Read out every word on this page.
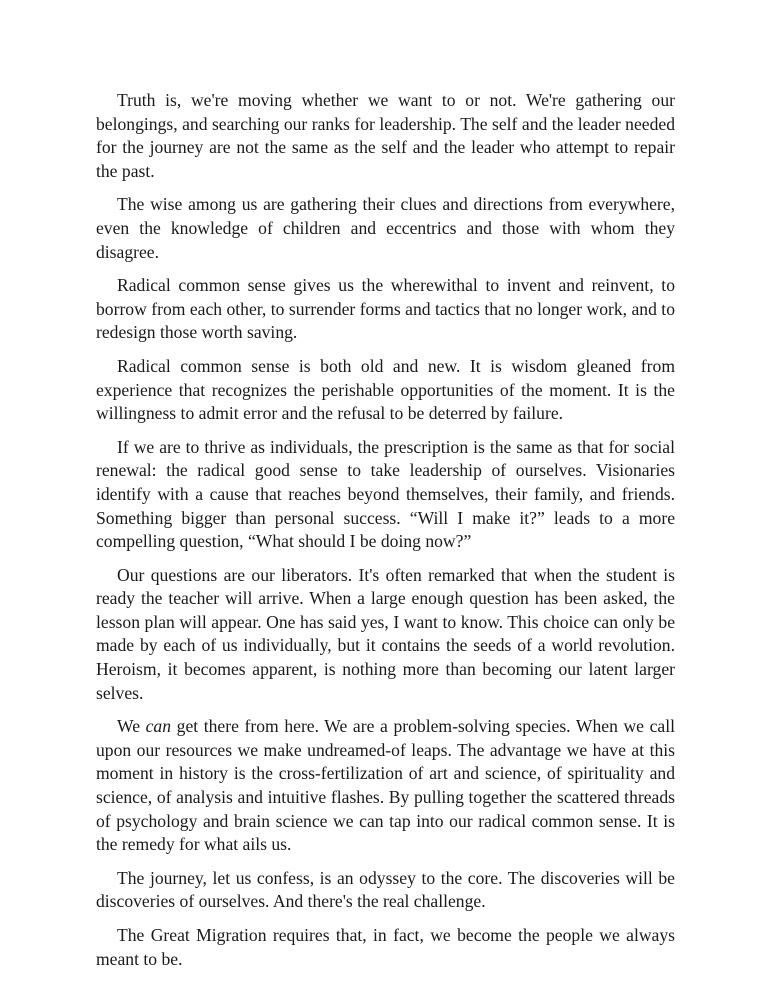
Truth is, we're moving whether we want to or not. We're gathering our belongings, and searching our ranks for leadership. The self and the leader needed for the journey are not the same as the self and the leader who attempt to repair the past.

The wise among us are gathering their clues and directions from everywhere, even the knowledge of children and eccentrics and those with whom they disagree.

Radical common sense gives us the wherewithal to invent and reinvent, to borrow from each other, to surrender forms and tactics that no longer work, and to redesign those worth saving.

Radical common sense is both old and new. It is wisdom gleaned from experience that recognizes the perishable opportunities of the moment. It is the willingness to admit error and the refusal to be deterred by failure.

If we are to thrive as individuals, the prescription is the same as that for social renewal: the radical good sense to take leadership of ourselves. Visionaries identify with a cause that reaches beyond themselves, their family, and friends. Something bigger than personal success. “Will I make it?” leads to a more compelling question, “What should I be doing now?”

Our questions are our liberators. It's often remarked that when the student is ready the teacher will arrive. When a large enough question has been asked, the lesson plan will appear. One has said yes, I want to know. This choice can only be made by each of us individually, but it contains the seeds of a world revolution. Heroism, it becomes apparent, is nothing more than becoming our latent larger selves.

We can get there from here. We are a problem-solving species. When we call upon our resources we make undreamed-of leaps. The advantage we have at this moment in history is the cross-fertilization of art and science, of spirituality and science, of analysis and intuitive flashes. By pulling together the scattered threads of psychology and brain science we can tap into our radical common sense. It is the remedy for what ails us.

The journey, let us confess, is an odyssey to the core. The discoveries will be discoveries of ourselves. And there's the real challenge.

The Great Migration requires that, in fact, we become the people we always meant to be.
